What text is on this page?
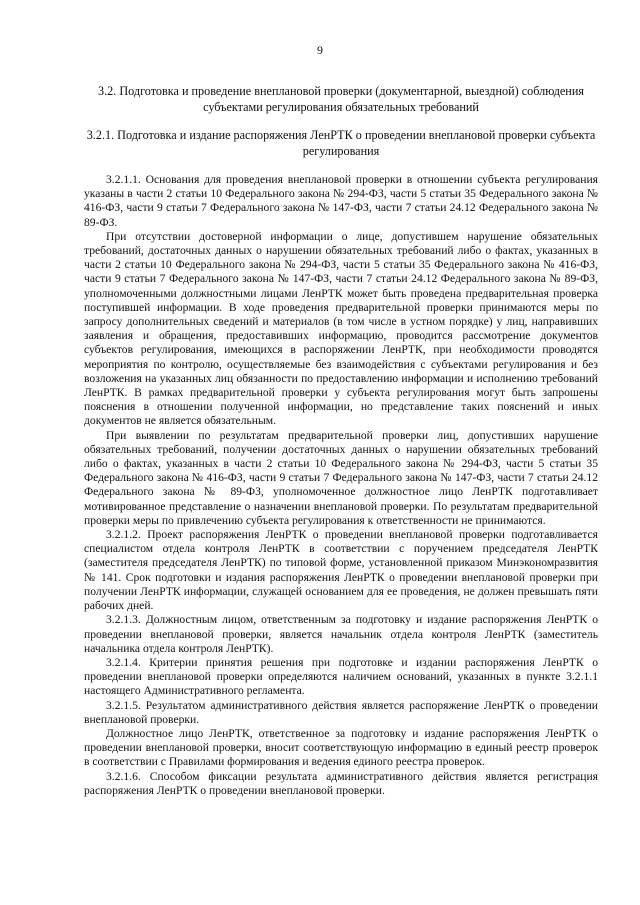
9
3.2. Подготовка и проведение внеплановой проверки (документарной, выездной) соблюдения субъектами регулирования обязательных требований
3.2.1. Подготовка и издание распоряжения ЛенРТК о проведении внеплановой проверки субъекта регулирования

3.2.1.1. Основания для проведения внеплановой проверки в отношении субъекта регулирования указаны в части 2 статьи 10 Федерального закона № 294-ФЗ, части 5 статьи 35 Федерального закона № 416-ФЗ, части 9 статьи 7 Федерального закона № 147-ФЗ, части 7 статьи 24.12 Федерального закона № 89-ФЗ.

При отсутствии достоверной информации о лице, допустившем нарушение обязательных требований, достаточных данных о нарушении обязательных требований либо о фактах, указанных в части 2 статьи 10 Федерального закона № 294-ФЗ, части 5 статьи 35 Федерального закона № 416-ФЗ, части 9 статьи 7 Федерального закона № 147-ФЗ, части 7 статьи 24.12 Федерального закона № 89-ФЗ, уполномоченными должностными лицами ЛенРТК может быть проведена предварительная проверка поступившей информации. В ходе проведения предварительной проверки принимаются меры по запросу дополнительных сведений и материалов (в том числе в устном порядке) у лиц, направивших заявления и обращения, предоставивших информацию, проводится рассмотрение документов субъектов регулирования, имеющихся в распоряжении ЛенРТК, при необходимости проводятся мероприятия по контролю, осуществляемые без взаимодействия с субъектами регулирования и без возложения на указанных лиц обязанности по предоставлению информации и исполнению требований ЛенРТК. В рамках предварительной проверки у субъекта регулирования могут быть запрошены пояснения в отношении полученной информации, но представление таких пояснений и иных документов не является обязательным.

При выявлении по результатам предварительной проверки лиц, допустивших нарушение обязательных требований, получении достаточных данных о нарушении обязательных требований либо о фактах, указанных в части 2 статьи 10 Федерального закона № 294-ФЗ, части 5 статьи 35 Федерального закона № 416-ФЗ, части 9 статьи 7 Федерального закона № 147-ФЗ, части 7 статьи 24.12 Федерального закона № 89-ФЗ, уполномоченное должностное лицо ЛенРТК подготавливает мотивированное представление о назначении внеплановой проверки. По результатам предварительной проверки меры по привлечению субъекта регулирования к ответственности не принимаются.

3.2.1.2. Проект распоряжения ЛенРТК о проведении внеплановой проверки подготавливается специалистом отдела контроля ЛенРТК в соответствии с поручением председателя ЛенРТК (заместителя председателя ЛенРТК) по типовой форме, установленной приказом Минэкономразвития № 141. Срок подготовки и издания распоряжения ЛенРТК о проведении внеплановой проверки при получении ЛенРТК информации, служащей основанием для ее проведения, не должен превышать пяти рабочих дней.

3.2.1.3. Должностным лицом, ответственным за подготовку и издание распоряжения ЛенРТК о проведении внеплановой проверки, является начальник отдела контроля ЛенРТК (заместитель начальника отдела контроля ЛенРТК).

3.2.1.4. Критерии принятия решения при подготовке и издании распоряжения ЛенРТК о проведении внеплановой проверки определяются наличием оснований, указанных в пункте 3.2.1.1 настоящего Административного регламента.

3.2.1.5. Результатом административного действия является распоряжение ЛенРТК о проведении внеплановой проверки.

Должностное лицо ЛенРТК, ответственное за подготовку и издание распоряжения ЛенРТК о проведении внеплановой проверки, вносит соответствующую информацию в единый реестр проверок в соответствии с Правилами формирования и ведения единого реестра проверок.

3.2.1.6. Способом фиксации результата административного действия является регистрация распоряжения ЛенРТК о проведении внеплановой проверки.
